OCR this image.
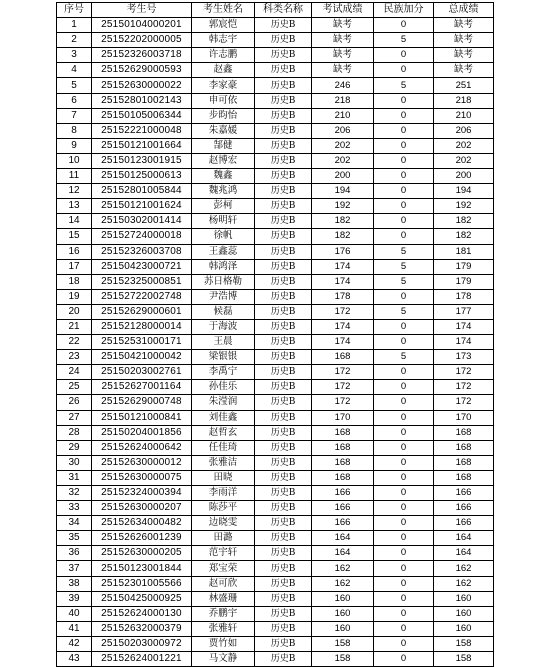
序号	考生号	考生姓名	科类名称	考试成绩	民族加分	总成绩
1	25150104000201	郭宸恺	历史B	缺考	0	缺考
2	25152202000005	韩志宇	历史B	缺考	5	缺考
3	25152326003718	许志鹏	历史B	缺考	0	缺考
4	25152629000593	赵鑫	历史B	缺考	0	缺考
5	25152630000022	李家豪	历史B	246	5	251
6	25152801002143	申可依	历史B	218	0	218
7	25150105006344	步昀怡	历史B	210	0	210
8	25152221000048	朱嘉媛	历史B	206	0	206
9	25150121001664	郜健	历史B	202	0	202
10	25150123001915	赵博宏	历史B	202	0	202
11	25150125000613	魏鑫	历史B	200	0	200
12	25152801005844	魏兆鸿	历史B	194	0	194
13	25150121001624	彭柯	历史B	192	0	192
14	25150302001414	杨明轩	历史B	182	0	182
15	25152724000018	徐帆	历史B	182	0	182
16	25152326003708	王鑫蕊	历史B	176	5	181
17	25150423000721	韩鸿泽	历史B	174	5	179
18	25152325000851	苏日格勒	历史B	174	5	179
19	25152722002748	尹浩博	历史B	178	0	178
20	25152629000601	候磊	历史B	172	5	177
21	25152128000014	于海波	历史B	174	0	174
22	25152531000171	王晨	历史B	174	0	174
23	25150421000042	梁银银	历史B	168	5	173
24	25150203002761	李禹宁	历史B	172	0	172
25	25152627001164	孙佳乐	历史B	172	0	172
26	25152629000748	朱滢润	历史B	172	0	172
27	25150121000841	刘佳鑫	历史B	170	0	170
28	25150204001856	赵哲玄	历史B	168	0	168
29	25152624000642	任佳琦	历史B	168	0	168
30	25152630000012	张雅洁	历史B	168	0	168
31	25152630000075	田晓	历史B	168	0	168
32	25152324000394	李雨洋	历史B	166	0	166
33	25152630000207	陈莎平	历史B	166	0	166
34	25152634000482	边晓雯	历史B	166	0	166
35	25152626001239	田潞	历史B	164	0	164
36	25152630000205	范宇轩	历史B	164	0	164
37	25150123001844	郑宝荣	历史B	162	0	162
38	25152301005566	赵可欣	历史B	162	0	162
39	25150425000925	林盛珊	历史B	160	0	160
40	25152624000130	乔鹏宇	历史B	160	0	160
41	25152632000379	张雅轩	历史B	160	0	160
42	25150203000972	贾竹如	历史B	158	0	158
43	25152624001221	马文静	历史B	158	0	158
